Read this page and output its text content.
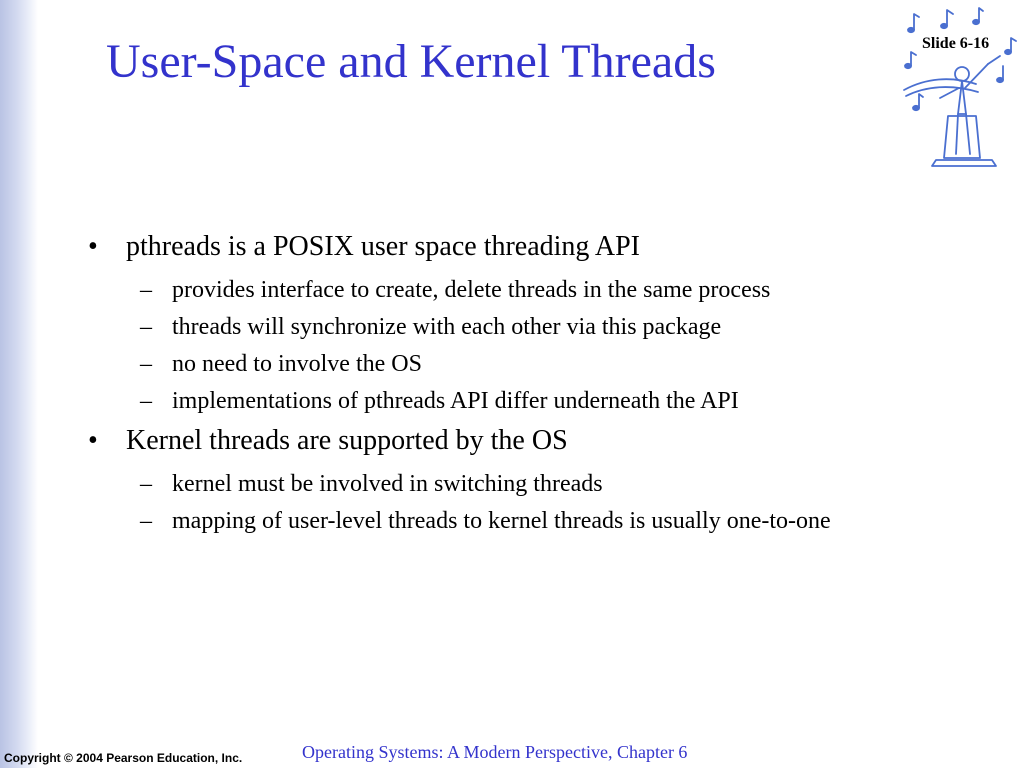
User-Space and Kernel Threads	Slide 6-16
• pthreads is a POSIX user space threading API
– provides interface to create, delete threads in the same process
– threads will synchronize with each other via this package
– no need to involve the OS
– implementations of pthreads API differ underneath the API
• Kernel threads are supported by the OS
– kernel must be involved in switching threads
– mapping of user-level threads to kernel threads is usually one-to-one
Copyright © 2004 Pearson Education, Inc.	Operating Systems: A Modern Perspective, Chapter 6
